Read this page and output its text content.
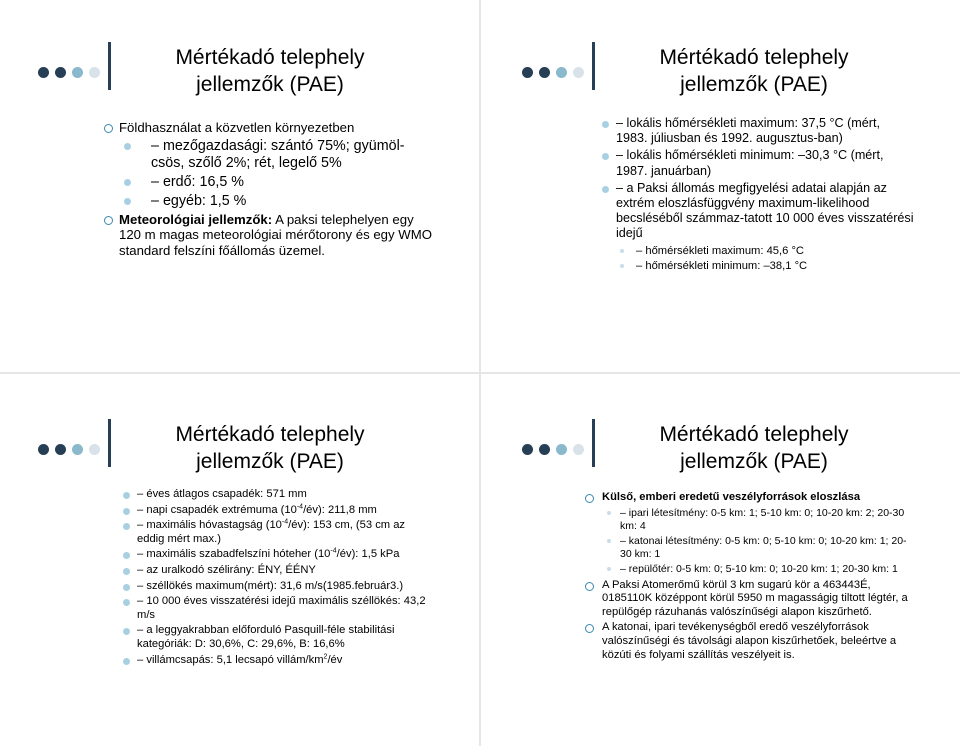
Mértékadó telephely
jellemzők (PAE)
Földhasználat a közvetlen környezetben
– mezőgazdasági: szántó 75%; gyümöl-csös, szőlő 2%; rét, legelő 5%
– erdő: 16,5 %
– egyéb: 1,5 %
Meteorológiai jellemzők: A paksi telephelyen egy 120 m magas meteorológiai mérőtorony és egy WMO standard felszíni főállomás üzemel.
Mértékadó telephely
jellemzők (PAE)
– lokális hőmérsékleti maximum: 37,5 °C (mért, 1983. júliusban és 1992. augusztus-ban)
– lokális hőmérsékleti minimum: –30,3 °C (mért, 1987. januárban)
– a Paksi állomás megfigyelési adatai alapján az extrém eloszlásfüggvény maximum-likelihood becsléséből számmaz-tatott 10 000 éves visszatérési idejű
– hőmérsékleti maximum: 45,6 °C
– hőmérsékleti minimum: –38,1 °C
Mértékadó telephely
jellemzők (PAE)
– éves átlagos csapadék: 571 mm
– napi csapadék extrémuma $(10^{-4}/év)$: 211,8 mm
– maximális hóvastagság $(10^{-4}/év)$: 153 cm, (53 cm az eddig mért max.)
– maximális szabadfelszíni hóteher $(10^{-4}/év)$: 1,5 kPa
– az uralkodó szélirány: ÉNY, ÉÉNY
– széllökés maximum(mért): 31,6 m/s(1985.február3.)
– 10 000 éves visszatérési idejű maximális széllökés: 43,2 m/s
– a leggyakrabban előforduló Pasquill-féle stabilitási kategóriák: D: 30,6%, C: 29,6%, B: 16,6%
– villámcsapás: 5,1 lecsapó villám/$km^2/év$
Mértékadó telephely
jellemzők (PAE)
Külső, emberi eredetű veszélyforrások eloszlása
– ipari létesítmény: 0-5 km: 1; 5-10 km: 0; 10-20 km: 2; 20-30 km: 4
– katonai létesítmény: 0-5 km: 0; 5-10 km: 0; 10-20 km: 1; 20-30 km: 1
– repülőtér: 0-5 km: 0; 5-10 km: 0; 10-20 km: 1; 20-30 km: 1
A Paksi Atomerőmű körül 3 km sugarú kör a 463443É, 0185110K középpont körül 5950 m magasságig tiltott légtér, a repülőgép rázuhanás valószínűségi alapon kiszűrhető.
A katonai, ipari tevékenységből eredő veszélyforrások valószínűségi és távolsági alapon kiszűrhetőek, beleértve a közúti és folyami szállítás veszélyeit is.
